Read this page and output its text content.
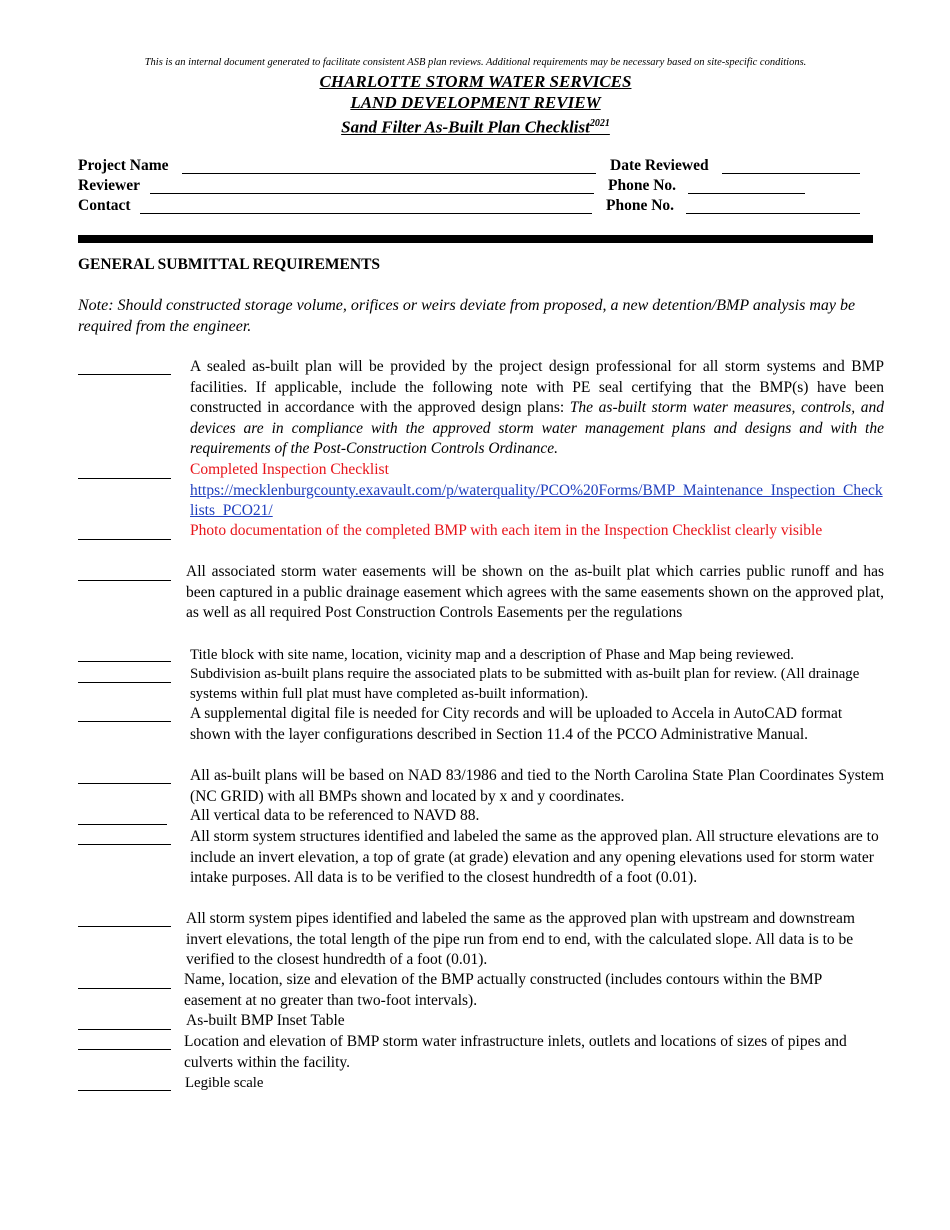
This is an internal document generated to facilitate consistent ASB plan reviews. Additional requirements may be necessary based on site-specific conditions.
CHARLOTTE STORM WATER SERVICES
LAND DEVELOPMENT REVIEW
Sand Filter As-Built Plan Checklist$^{2021}$
Project Name	Date Reviewed
Reviewer	Phone No.
Contact	Phone No.
GENERAL SUBMITTAL REQUIREMENTS
Note: Should constructed storage volume, orifices or weirs deviate from proposed, a new detention/BMP analysis may be required from the engineer.
A sealed as-built plan will be provided by the project design professional for all storm systems and BMP facilities. If applicable, include the following note with PE seal certifying that the BMP(s) have been constructed in accordance with the approved design plans: The as-built storm water measures, controls, and devices are in compliance with the approved storm water management plans and designs and with the requirements of the Post-Construction Controls Ordinance.
Completed Inspection Checklist
https://mecklenburgcounty.exavault.com/p/waterquality/PCO%20Forms/BMP_Maintenance_Inspection_Checklists_PCO21/
Photo documentation of the completed BMP with each item in the Inspection Checklist clearly visible
All associated storm water easements will be shown on the as-built plat which carries public runoff and has been captured in a public drainage easement which agrees with the same easements shown on the approved plat, as well as all required Post Construction Controls Easements per the regulations
Title block with site name, location, vicinity map and a description of Phase and Map being reviewed.
Subdivision as-built plans require the associated plats to be submitted with as-built plan for review. (All drainage systems within full plat must have completed as-built information).
A supplemental digital file is needed for City records and will be uploaded to Accela in AutoCAD format shown with the layer configurations described in Section 11.4 of the PCCO Administrative Manual.
All as-built plans will be based on NAD 83/1986 and tied to the North Carolina State Plan Coordinates System (NC GRID) with all BMPs shown and located by x and y coordinates.
All vertical data to be referenced to NAVD 88.
All storm system structures identified and labeled the same as the approved plan. All structure elevations are to include an invert elevation, a top of grate (at grade) elevation and any opening elevations used for storm water intake purposes. All data is to be verified to the closest hundredth of a foot (0.01).
All storm system pipes identified and labeled the same as the approved plan with upstream and downstream invert elevations, the total length of the pipe run from end to end, with the calculated slope. All data is to be verified to the closest hundredth of a foot (0.01).
Name, location, size and elevation of the BMP actually constructed (includes contours within the BMP easement at no greater than two-foot intervals).
As-built BMP Inset Table
Location and elevation of BMP storm water infrastructure inlets, outlets and locations of sizes of pipes and culverts within the facility.
Legible scale
